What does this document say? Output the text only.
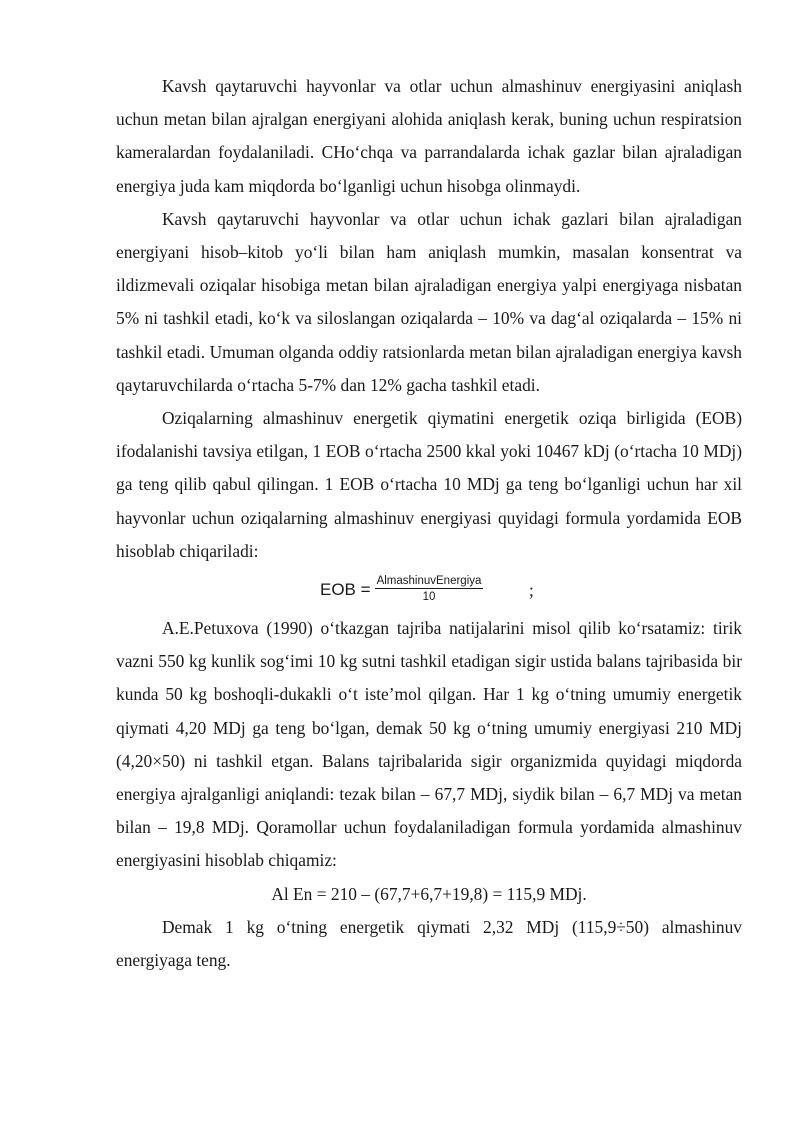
Kavsh qaytaruvchi hayvonlar va otlar uchun almashinuv energiyasini aniqlash uchun metan bilan ajralgan energiyani alohida aniqlash kerak, buning uchun respiratsion kameralardan foydalaniladi. CHo‘chqa va parrandalarda ichak gazlar bilan ajraladigan energiya juda kam miqdorda bo‘lganligi uchun hisobga olinmaydi.

Kavsh qaytaruvchi hayvonlar va otlar uchun ichak gazlari bilan ajraladigan energiyani hisob–kitob yo‘li bilan ham aniqlash mumkin, masalan konsentrat va ildizmevali oziqalar hisobiga metan bilan ajraladigan energiya yalpi energiyaga nisbatan 5% ni tashkil etadi, ko‘k va siloslangan oziqalarda – 10% va dag‘al oziqalarda – 15% ni tashkil etadi. Umuman olganda oddiy ratsionlarda metan bilan ajraladigan energiya kavsh qaytaruvchilarda o‘rtacha 5-7% dan 12% gacha tashkil etadi.

Oziqalarning almashinuv energetik qiymatini energetik oziqa birligida (EOB) ifodalanishi tavsiya etilgan, 1 EOB o‘rtacha 2500 kkal yoki 10467 kDj (o‘rtacha 10 MDj) ga teng qilib qabul qilingan. 1 EOB o‘rtacha 10 MDj ga teng bo‘lganligi uchun har xil hayvonlar uchun oziqalarning almashinuv energiyasi quyidagi formula yordamida EOB hisoblab chiqariladi:

EOB = $\frac{\text{AlmashinuvEnergiya}}{10}$	;

A.E.Petuxova (1990) o‘tkazgan tajriba natijalarini misol qilib ko‘rsatamiz: tirik vazni 550 kg kunlik sog‘imi 10 kg sutni tashkil etadigan sigir ustida balans tajribasida bir kunda 50 kg boshoqli-dukakli o‘t iste’mol qilgan. Har 1 kg o‘tning umumiy energetik qiymati 4,20 MDj ga teng bo‘lgan, demak 50 kg o‘tning umumiy energiyasi 210 MDj (4,20×50) ni tashkil etgan. Balans tajribalarida sigir organizmida quyidagi miqdorda energiya ajralganligi aniqlandi: tezak bilan – 67,7 MDj, siydik bilan – 6,7 MDj va metan bilan – 19,8 MDj. Qoramollar uchun foydalaniladigan formula yordamida almashinuv energiyasini hisoblab chiqamiz:

Al En = 210 – (67,7+6,7+19,8) = 115,9 MDj.

Demak 1 kg o‘tning energetik qiymati 2,32 MDj (115,9÷50) almashinuv energiyaga teng.
